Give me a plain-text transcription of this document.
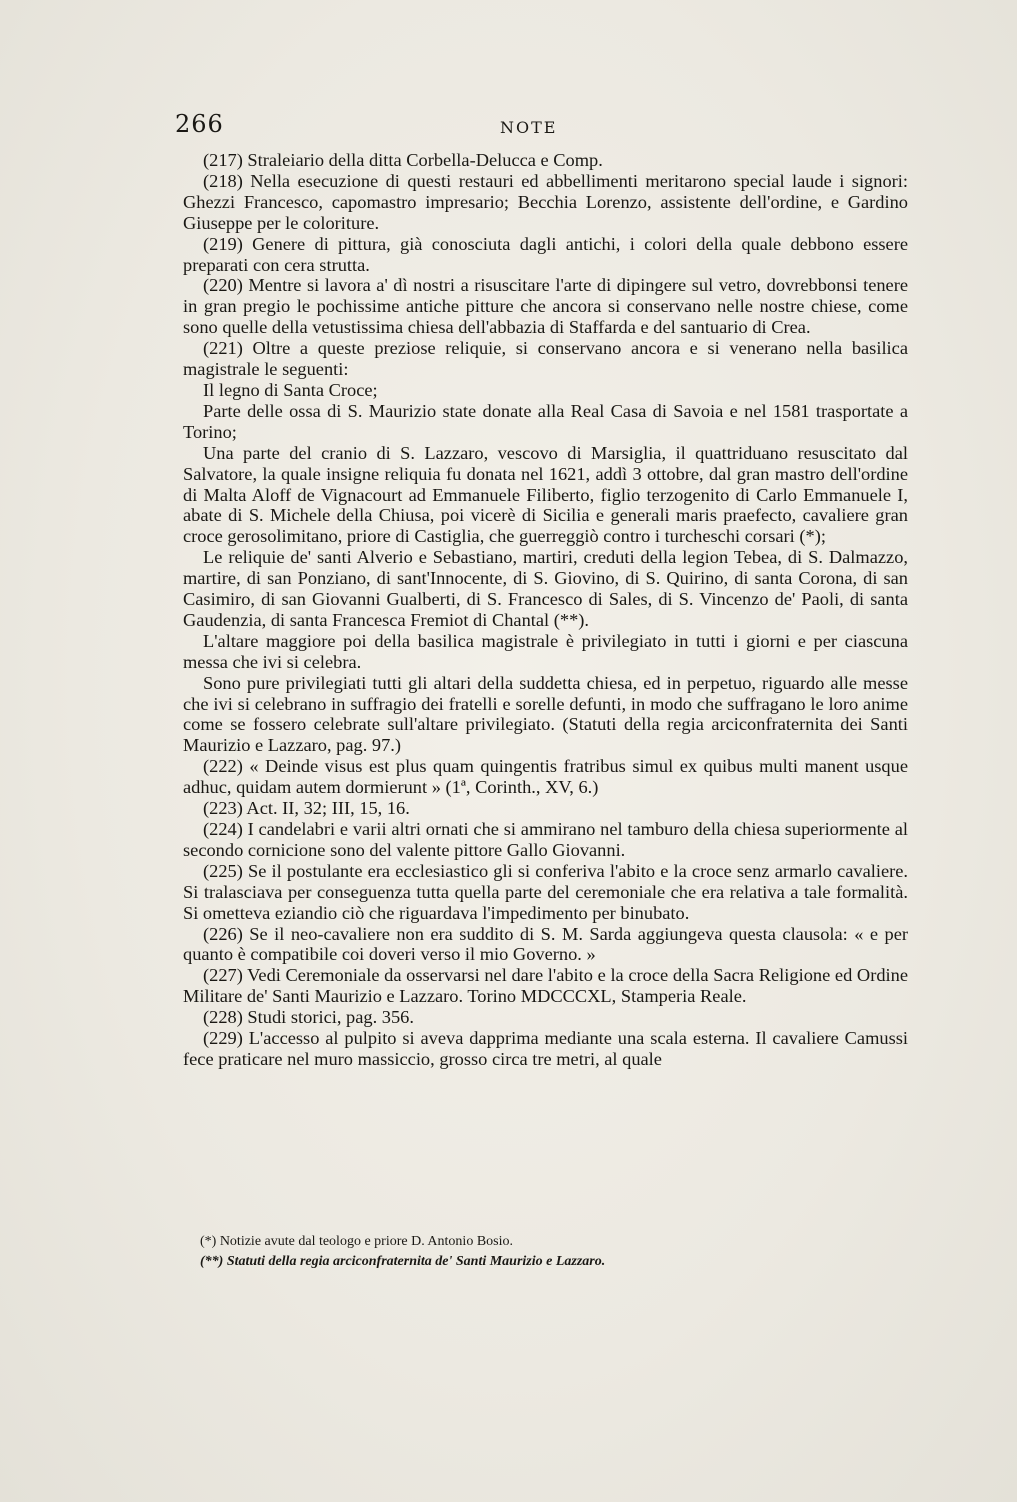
266	NOTE

(217) Straleiario della ditta Corbella-Delucca e Comp.

(218) Nella esecuzione di questi restauri ed abbellimenti meritarono special laude i signori: Ghezzi Francesco, capomastro impresario; Becchia Lorenzo, assistente dell'ordine, e Gardino Giuseppe per le coloriture.

(219) Genere di pittura, già conosciuta dagli antichi, i colori della quale debbono essere preparati con cera strutta.

(220) Mentre si lavora a' dì nostri a risuscitare l'arte di dipingere sul vetro, dovrebbonsi tenere in gran pregio le pochissime antiche pitture che ancora si conservano nelle nostre chiese, come sono quelle della vetustissima chiesa dell'abbazia di Staffarda e del santuario di Crea.

(221) Oltre a queste preziose reliquie, si conservano ancora e si venerano nella basilica magistrale le seguenti:

Il legno di Santa Croce;

Parte delle ossa di S. Maurizio state donate alla Real Casa di Savoia e nel 1581 trasportate a Torino;

Una parte del cranio di S. Lazzaro, vescovo di Marsiglia, il quattriduano resuscitato dal Salvatore, la quale insigne reliquia fu donata nel 1621, addì 3 ottobre, dal gran mastro dell'ordine di Malta Aloff de Vignacourt ad Emmanuele Filiberto, figlio terzogenito di Carlo Emmanuele I, abate di S. Michele della Chiusa, poi vicerè di Sicilia e generali maris praefecto, cavaliere gran croce gerosolimitano, priore di Castiglia, che guerreggiò contro i turcheschi corsari (*);

Le reliquie de' santi Alverio e Sebastiano, martiri, creduti della legion Tebea, di S. Dalmazzo, martire, di san Ponziano, di sant'Innocente, di S. Giovino, di S. Quirino, di santa Corona, di san Casimiro, di san Giovanni Gualberti, di S. Francesco di Sales, di S. Vincenzo de' Paoli, di santa Gaudenzia, di santa Francesca Fremiot di Chantal (**).

L'altare maggiore poi della basilica magistrale è privilegiato in tutti i giorni e per ciascuna messa che ivi si celebra.

Sono pure privilegiati tutti gli altari della suddetta chiesa, ed in perpetuo, riguardo alle messe che ivi si celebrano in suffragio dei fratelli e sorelle defunti, in modo che suffragano le loro anime come se fossero celebrate sull'altare privilegiato. (Statuti della regia arciconfraternita dei Santi Maurizio e Lazzaro, pag. 97.)

(222) « Deinde visus est plus quam quingentis fratribus simul ex quibus multi manent usque adhuc, quidam autem dormierunt » (1ª, Corinth., XV, 6.)

(223) Act. II, 32; III, 15, 16.

(224) I candelabri e varii altri ornati che si ammirano nel tamburo della chiesa superiormente al secondo cornicione sono del valente pittore Gallo Giovanni.

(225) Se il postulante era ecclesiastico gli si conferiva l'abito e la croce senz armarlo cavaliere. Si tralasciava per conseguenza tutta quella parte del ceremoniale che era relativa a tale formalità. Si ometteva eziandio ciò che riguardava l'impedimento per binubato.

(226) Se il neo-cavaliere non era suddito di S. M. Sarda aggiungeva questa clausola: « e per quanto è compatibile coi doveri verso il mio Governo. »

(227) Vedi Ceremoniale da osservarsi nel dare l'abito e la croce della Sacra Religione ed Ordine Militare de' Santi Maurizio e Lazzaro. Torino MDCCCXL, Stamperia Reale.

(228) Studi storici, pag. 356.

(229) L'accesso al pulpito si aveva dapprima mediante una scala esterna. Il cavaliere Camussi fece praticare nel muro massiccio, grosso circa tre metri, al quale

(*) Notizie avute dal teologo e priore D. Antonio Bosio.

(**) Statuti della regia arciconfraternita de' Santi Maurizio e Lazzaro.
